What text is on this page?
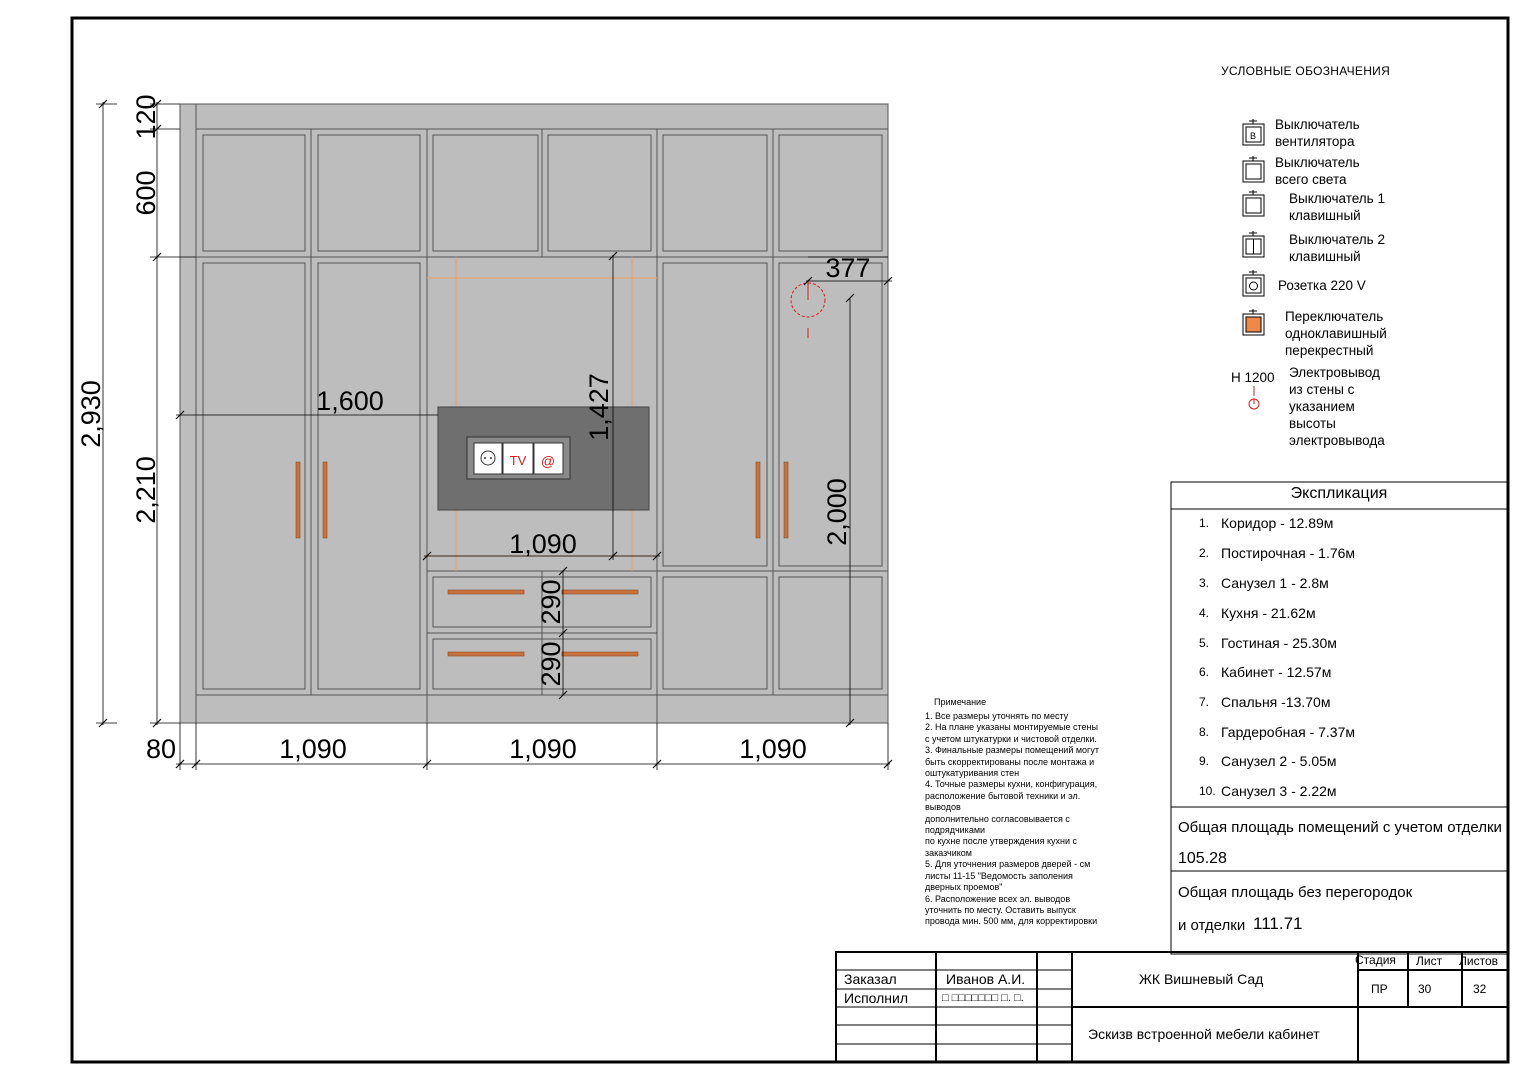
TV @
120
600
2,930
2,210
1,600	1,427
377
2,000
1,090
290
290
80	1,090	1,090	1,090
B
УСЛОВНЫЕ ОБОЗНАЧЕНИЯ
Выключатель
вентилятора
Выключатель
всего света
Выключатель 1
клавишный
Выключатель 2
клавишный
Розетка 220 V
Переключатель
одноклавишный
перекрестный
Н 1200 Электровывод
из стены с
указанием
высоты
электровывода
Примечание
1. Все размеры уточнять по месту
2. На плане указаны монтируемые стены
с учетом штукатурки и чистовой отделки.
3. Финальные размеры помещений могут
быть скорректированы после монтажа и
оштукатуривания стен
4. Точные размеры кухни, конфигурация,
расположение бытовой техники и эл.
выводов
дополнительно согласовывается с
подрядчиками
по кухне после утверждения кухни с
заказчиком
5. Для уточнения размеров дверей - см
листы 11-15 "Ведомость заполения
дверных проемов"
6. Расположение всех эл. выводов
уточнить по месту. Оставить выпуск
провода мин. 500 мм, для корректировки
Экспликация
1. Коридор - 12.89м
2. Постирочная - 1.76м
3. Санузел 1 - 2.8м
4. Кухня - 21.62м
5. Гостиная - 25.30м
6. Кабинет - 12.57м
7. Спальня -13.70м
8. Гардеробная - 7.37м
9. Санузел 2 - 5.05м
10. Санузел 3 - 2.22м
Общая площадь помещений с учетом отделки
105.28
Общая площадь без перегородок
и отделки 111.71
Заказал	Иванов А.И.
Исполнил	□ □□□□□□□ □. □.
ЖК Вишневый Сад
Эскизв встроенной мебели кабинет
Стадия Лист Листов
ПР	30	32
